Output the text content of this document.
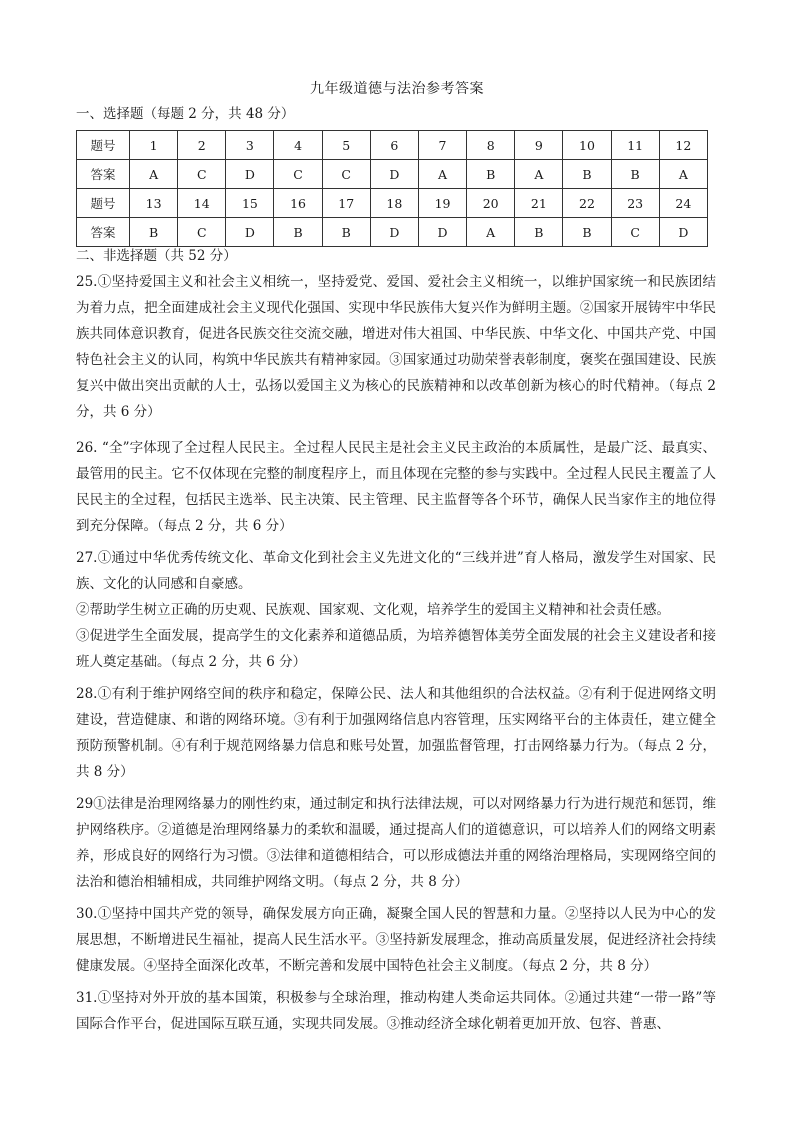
九年级道德与法治参考答案
一、选择题（每题 2 分，共 48 分）
题号	1	2	3	4	5	6	7	8	9	10	11	12
答案	A	C	D	C	C	D	A	B	A	B	B	A
题号	13	14	15	16	17	18	19	20	21	22	23	24
答案	B	C	D	B	B	D	D	A	B	B	C	D
二、非选择题（共 52 分）

25.①坚持爱国主义和社会主义相统一，坚持爱党、爱国、爱社会主义相统一，以维护国家统一和民族团结为着力点，把全面建成社会主义现代化强国、实现中华民族伟大复兴作为鲜明主题。②国家开展铸牢中华民族共同体意识教育，促进各民族交往交流交融，增进对伟大祖国、中华民族、中华文化、中国共产党、中国特色社会主义的认同，构筑中华民族共有精神家园。③国家通过功勋荣誉表彰制度，褒奖在强国建设、民族复兴中做出突出贡献的人士，弘扬以爱国主义为核心的民族精神和以改革创新为核心的时代精神。（每点 2 分，共 6 分）

26. “全”字体现了全过程人民民主。全过程人民民主是社会主义民主政治的本质属性，是最广泛、最真实、最管用的民主。它不仅体现在完整的制度程序上，而且体现在完整的参与实践中。全过程人民民主覆盖了人民民主的全过程，包括民主选举、民主决策、民主管理、民主监督等各个环节，确保人民当家作主的地位得到充分保障。（每点 2 分，共 6 分）

27.①通过中华优秀传统文化、革命文化到社会主义先进文化的“三线并进”育人格局，激发学生对国家、民族、文化的认同感和自豪感。

②帮助学生树立正确的历史观、民族观、国家观、文化观，培养学生的爱国主义精神和社会责任感。

③促进学生全面发展，提高学生的文化素养和道德品质，为培养德智体美劳全面发展的社会主义建设者和接班人奠定基础。（每点 2 分，共 6 分）

28.①有利于维护网络空间的秩序和稳定，保障公民、法人和其他组织的合法权益。②有利于促进网络文明建设，营造健康、和谐的网络环境。③有利于加强网络信息内容管理，压实网络平台的主体责任，建立健全预防预警机制。④有利于规范网络暴力信息和账号处置，加强监督管理，打击网络暴力行为。（每点 2 分，共 8 分）

29①法律是治理网络暴力的刚性约束，通过制定和执行法律法规，可以对网络暴力行为进行规范和惩罚，维护网络秩序。②道德是治理网络暴力的柔软和温暖，通过提高人们的道德意识，可以培养人们的网络文明素养，形成良好的网络行为习惯。③法律和道德相结合，可以形成德法并重的网络治理格局，实现网络空间的法治和德治相辅相成，共同维护网络文明。（每点 2 分，共 8 分）

30.①坚持中国共产党的领导，确保发展方向正确，凝聚全国人民的智慧和力量。②坚持以人民为中心的发展思想，不断增进民生福祉，提高人民生活水平。③坚持新发展理念，推动高质量发展，促进经济社会持续健康发展。④坚持全面深化改革，不断完善和发展中国特色社会主义制度。（每点 2 分，共 8 分）

31.①坚持对外开放的基本国策，积极参与全球治理，推动构建人类命运共同体。②通过共建“一带一路”等国际合作平台，促进国际互联互通，实现共同发展。③推动经济全球化朝着更加开放、包容、普惠、
